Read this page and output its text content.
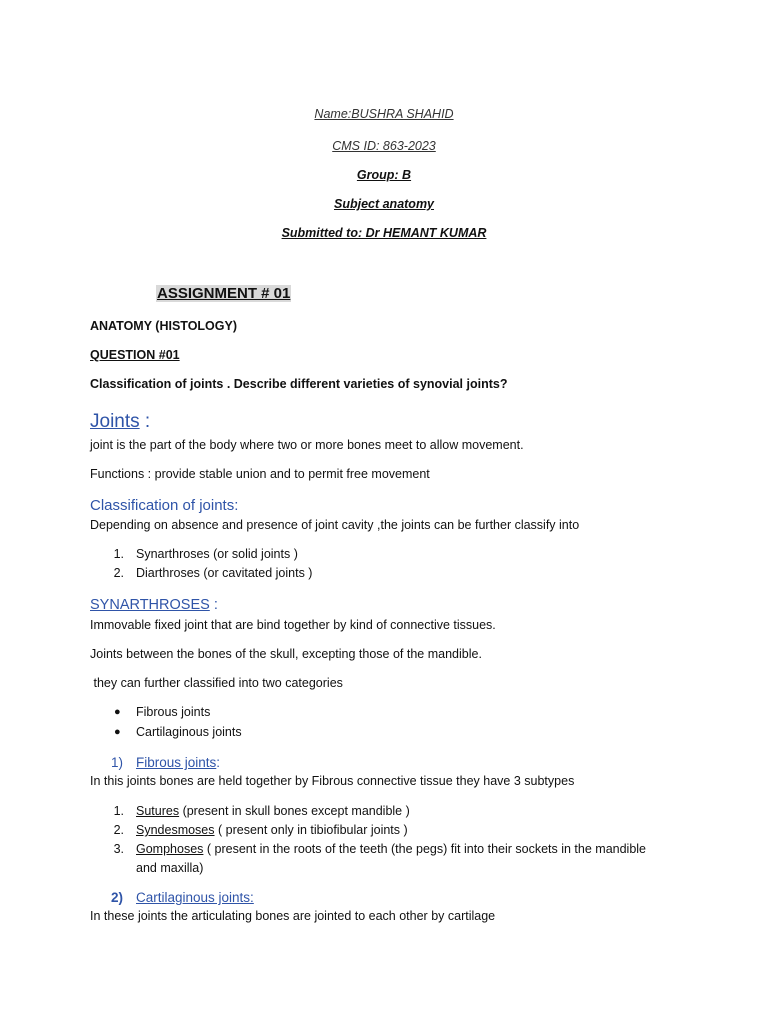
Name:BUSHRA SHAHID
CMS ID: 863-2023
Group: B
Subject anatomy
Submitted to: Dr HEMANT KUMAR
ASSIGNMENT # 01
ANATOMY (HISTOLOGY)
QUESTION #01
Classification of joints . Describe different varieties of synovial joints?
Joints :
joint is the part of the body where two or more bones meet to allow movement.
Functions : provide stable union and to permit free movement
Classification of joints:
Depending on absence and presence of joint cavity ,the joints can be further classify into
1. Synarthroses (or solid joints )
2. Diarthroses (or cavitated joints )
SYNARTHROSES :
Immovable fixed joint that are bind together by kind of connective tissues.
Joints between the bones of the skull, excepting those of the mandible.
they can further classified into two categories
● Fibrous joints
● Cartilaginous joints
1) Fibrous joints:
In this joints bones are held together by Fibrous connective tissue they have 3 subtypes
1. Sutures (present in skull bones except mandible )
2. Syndesmoses ( present only in tibiofibular joints )
3. Gomphoses ( present in the roots of the teeth (the pegs) fit into their sockets in the mandible
and maxilla)
2) Cartilaginous joints:
In these joints the articulating bones are jointed to each other by cartilage
